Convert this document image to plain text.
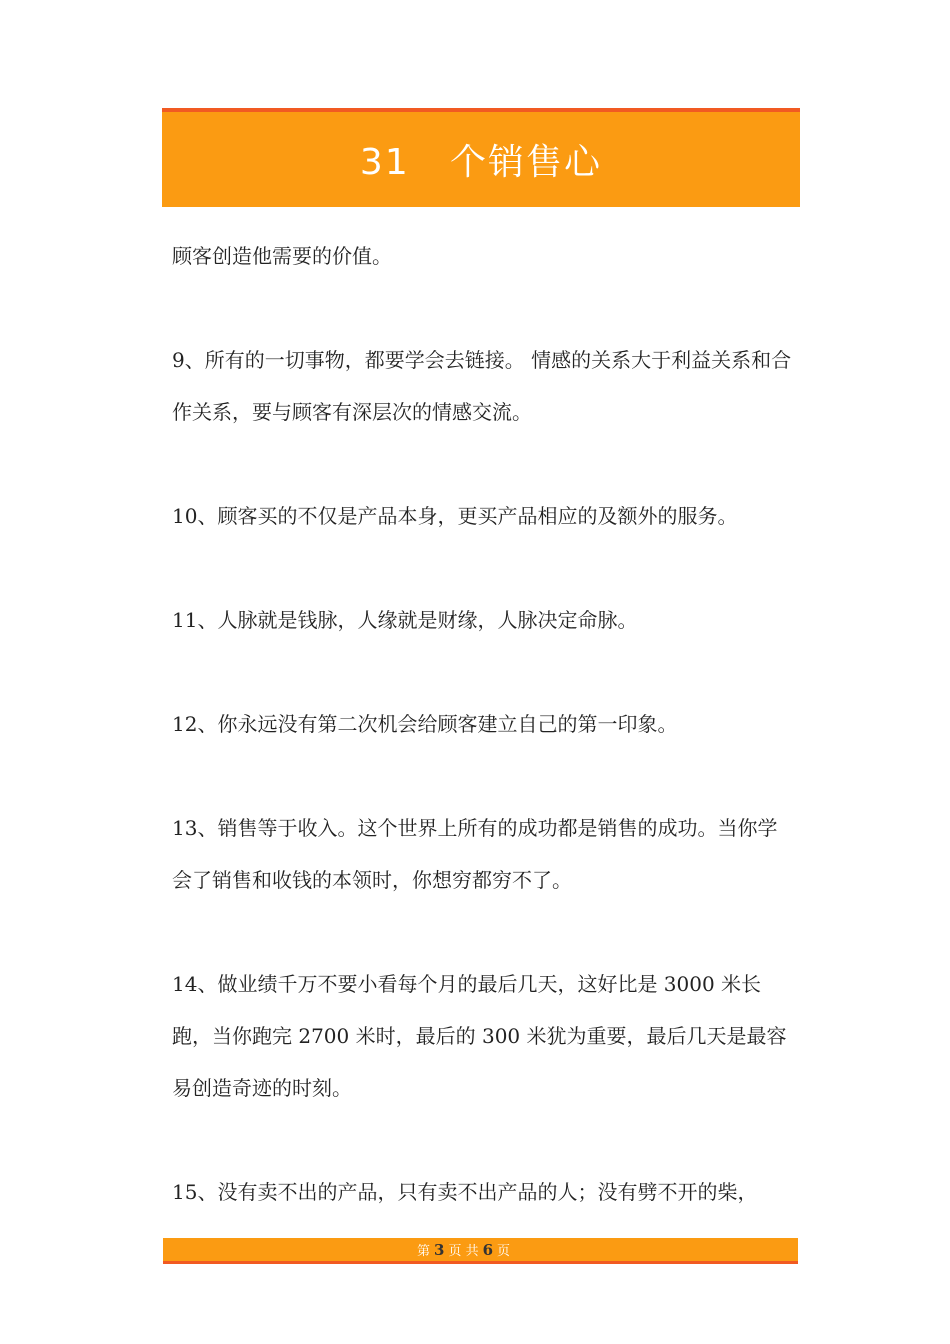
31   个销售心

顾客创造他需要的价值。

9、所有的一切事物，都要学会去链接。 情感的关系大于利益关系和合作关系，要与顾客有深层次的情感交流。

10、顾客买的不仅是产品本身，更买产品相应的及额外的服务。

11、人脉就是钱脉，人缘就是财缘，人脉决定命脉。

12、你永远没有第二次机会给顾客建立自己的第一印象。

13、销售等于收入。这个世界上所有的成功都是销售的成功。当你学会了销售和收钱的本领时，你想穷都穷不了。

14、做业绩千万不要小看每个月的最后几天，这好比是 3000 米长跑，当你跑完 2700 米时，最后的 300 米犹为重要，最后几天是最容易创造奇迹的时刻。

15、没有卖不出的产品，只有卖不出产品的人；没有劈不开的柴，

第 3 页 共 6 页
